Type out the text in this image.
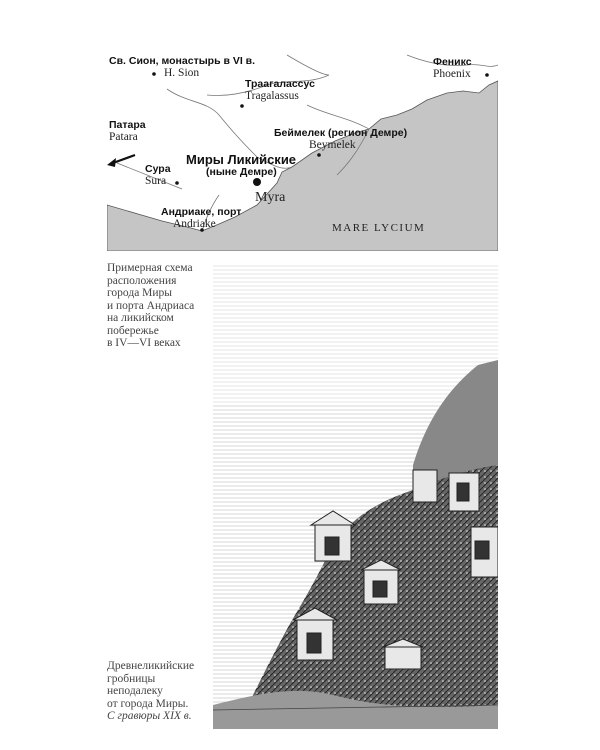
Св. Сион, монастырь в VI в.
H. Sion
Траагалассус
Tragalassus
Феникс
Phoenix
Беймелек (регион Демре)
Beymelek
Патара
Patara
Сура
Sura
Миры Ликийские
(ныне Демре)
Myra
Андриаке, порт
Andriake	MARE LYCIUM
Примерная схема
расположения
города Миры
и порта Андриаca
на ликийском
побережье
в IV—VI веках
Древнеликийские
гробницы
неподалеку
от города Миры.
С гравюры XIX в.
